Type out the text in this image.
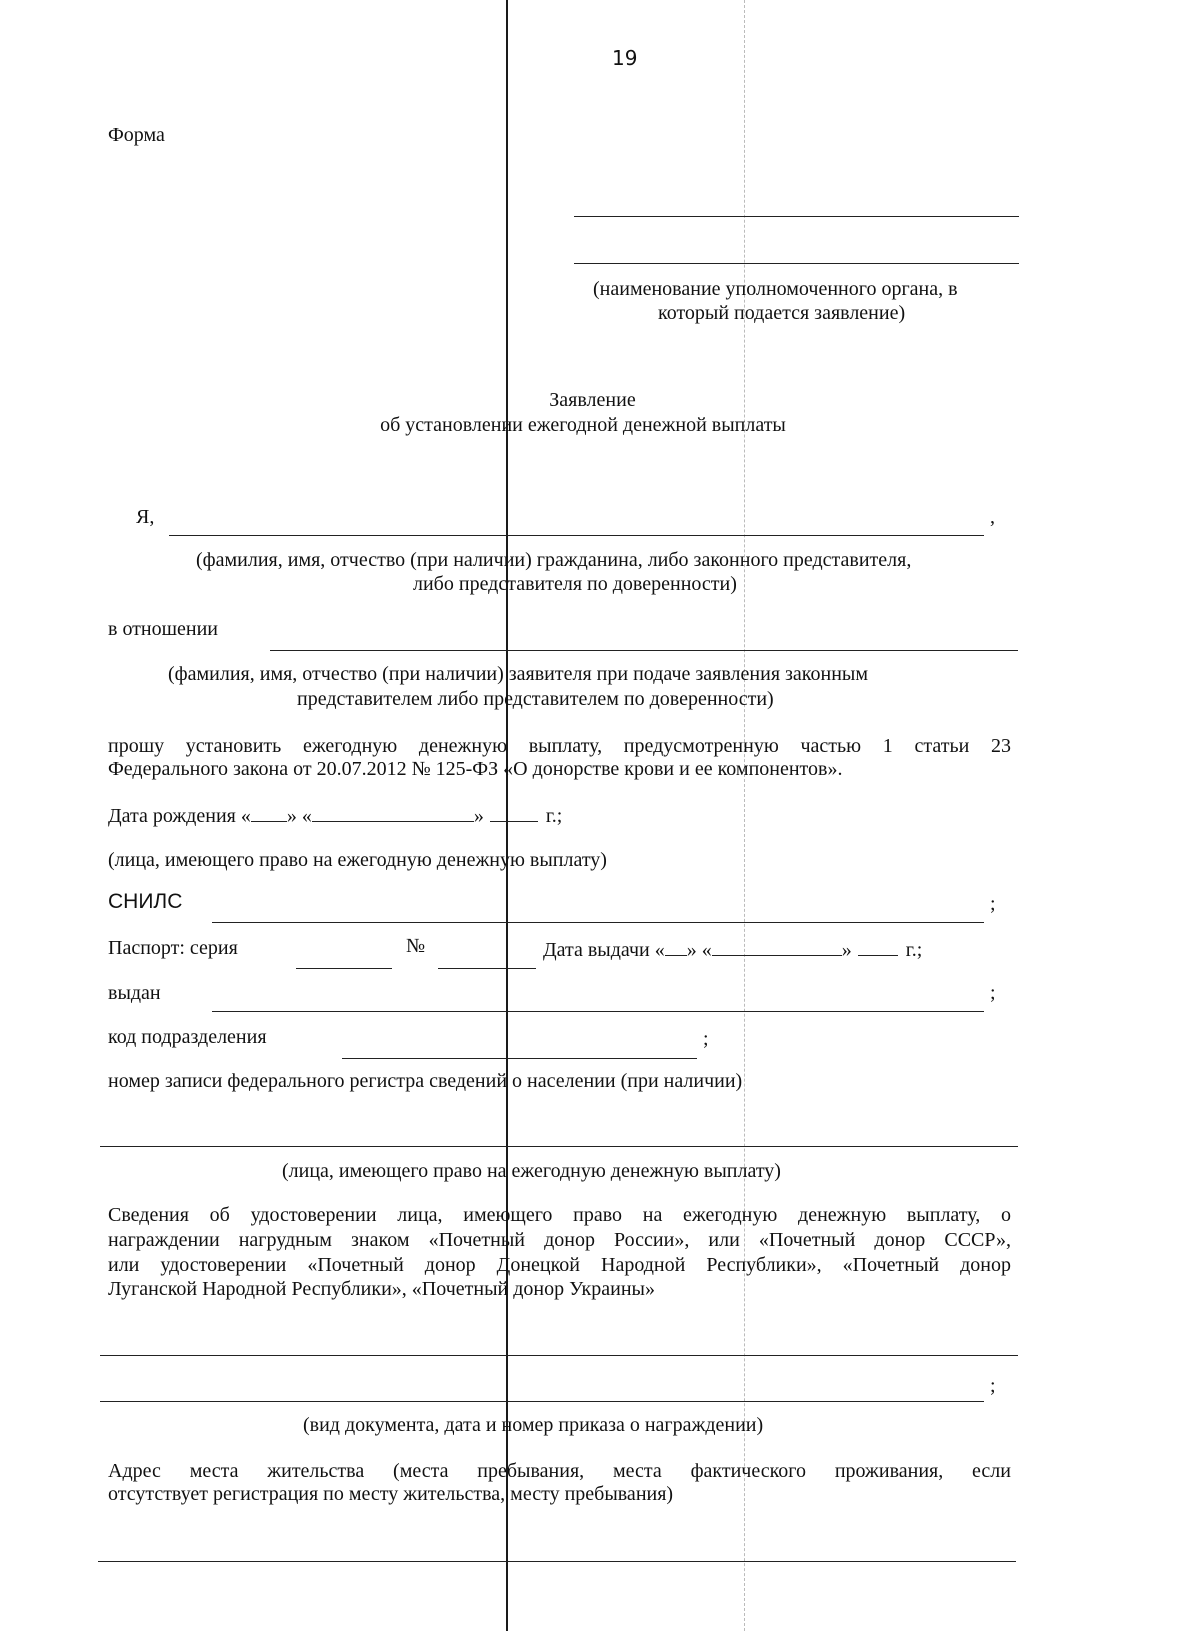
19
Форма
(наименование уполномоченного органа, в
который подается заявление)
Заявление
об установлении ежегодной денежной выплаты
Я,	,
(фамилия, имя, отчество (при наличии) гражданина, либо законного представителя,
либо представителя по доверенности)
в отношении
(фамилия, имя, отчество (при наличии) заявителя при подаче заявления законным
представителем либо представителем по доверенности)
прошу установить ежегодную денежную выплату, предусмотренную частью 1 статьи 23
Федерального закона от 20.07.2012 № 125-ФЗ «О донорстве крови и ее компонентов».
Дата рождения « » «	»	г.;
(лица, имеющего право на ежегодную денежную выплату)
СНИЛС	;
Паспорт: серия	№	Дата выдачи « » «	»	г.;
выдан	;
код подразделения	;
номер записи федерального регистра сведений о населении (при наличии)
(лица, имеющего право на ежегодную денежную выплату)
Сведения об удостоверении лица, имеющего право на ежегодную денежную выплату, о
награждении нагрудным знаком «Почетный донор России», или «Почетный донор СССР»,
или удостоверении «Почетный донор Донецкой Народной Республики», «Почетный донор
Луганской Народной Республики», «Почетный донор Украины»
;
(вид документа, дата и номер приказа о награждении)
Адрес места жительства (места пребывания, места фактического проживания, если
отсутствует регистрация по месту жительства, месту пребывания)
